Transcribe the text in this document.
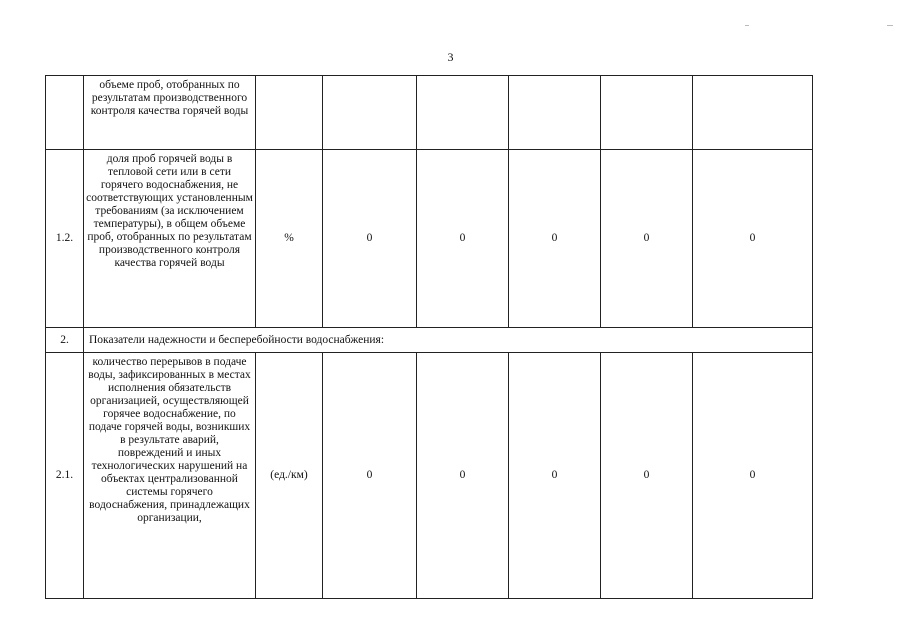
3
	объеме проб, отобранных по результатам производственного контроля качества горячей воды						
1.2.	доля проб горячей воды в тепловой сети или в сети горячего водоснабжения, не соответствующих установленным требованиям (за исключением температуры), в общем объеме проб, отобранных по результатам производственного контроля качества горячей воды	%	0	0	0	0	0
2.	Показатели надежности и бесперебойности водоснабжения:						
2.1.	количество перерывов в подаче воды, зафиксированных в местах исполнения обязательств организацией, осуществляющей горячее водоснабжение, по подаче горячей воды, возникших в результате аварий, повреждений и иных технологических нарушений на объектах централизованной системы горячего водоснабжения, принадлежащих организации,	(ед./км)	0	0	0	0	0
